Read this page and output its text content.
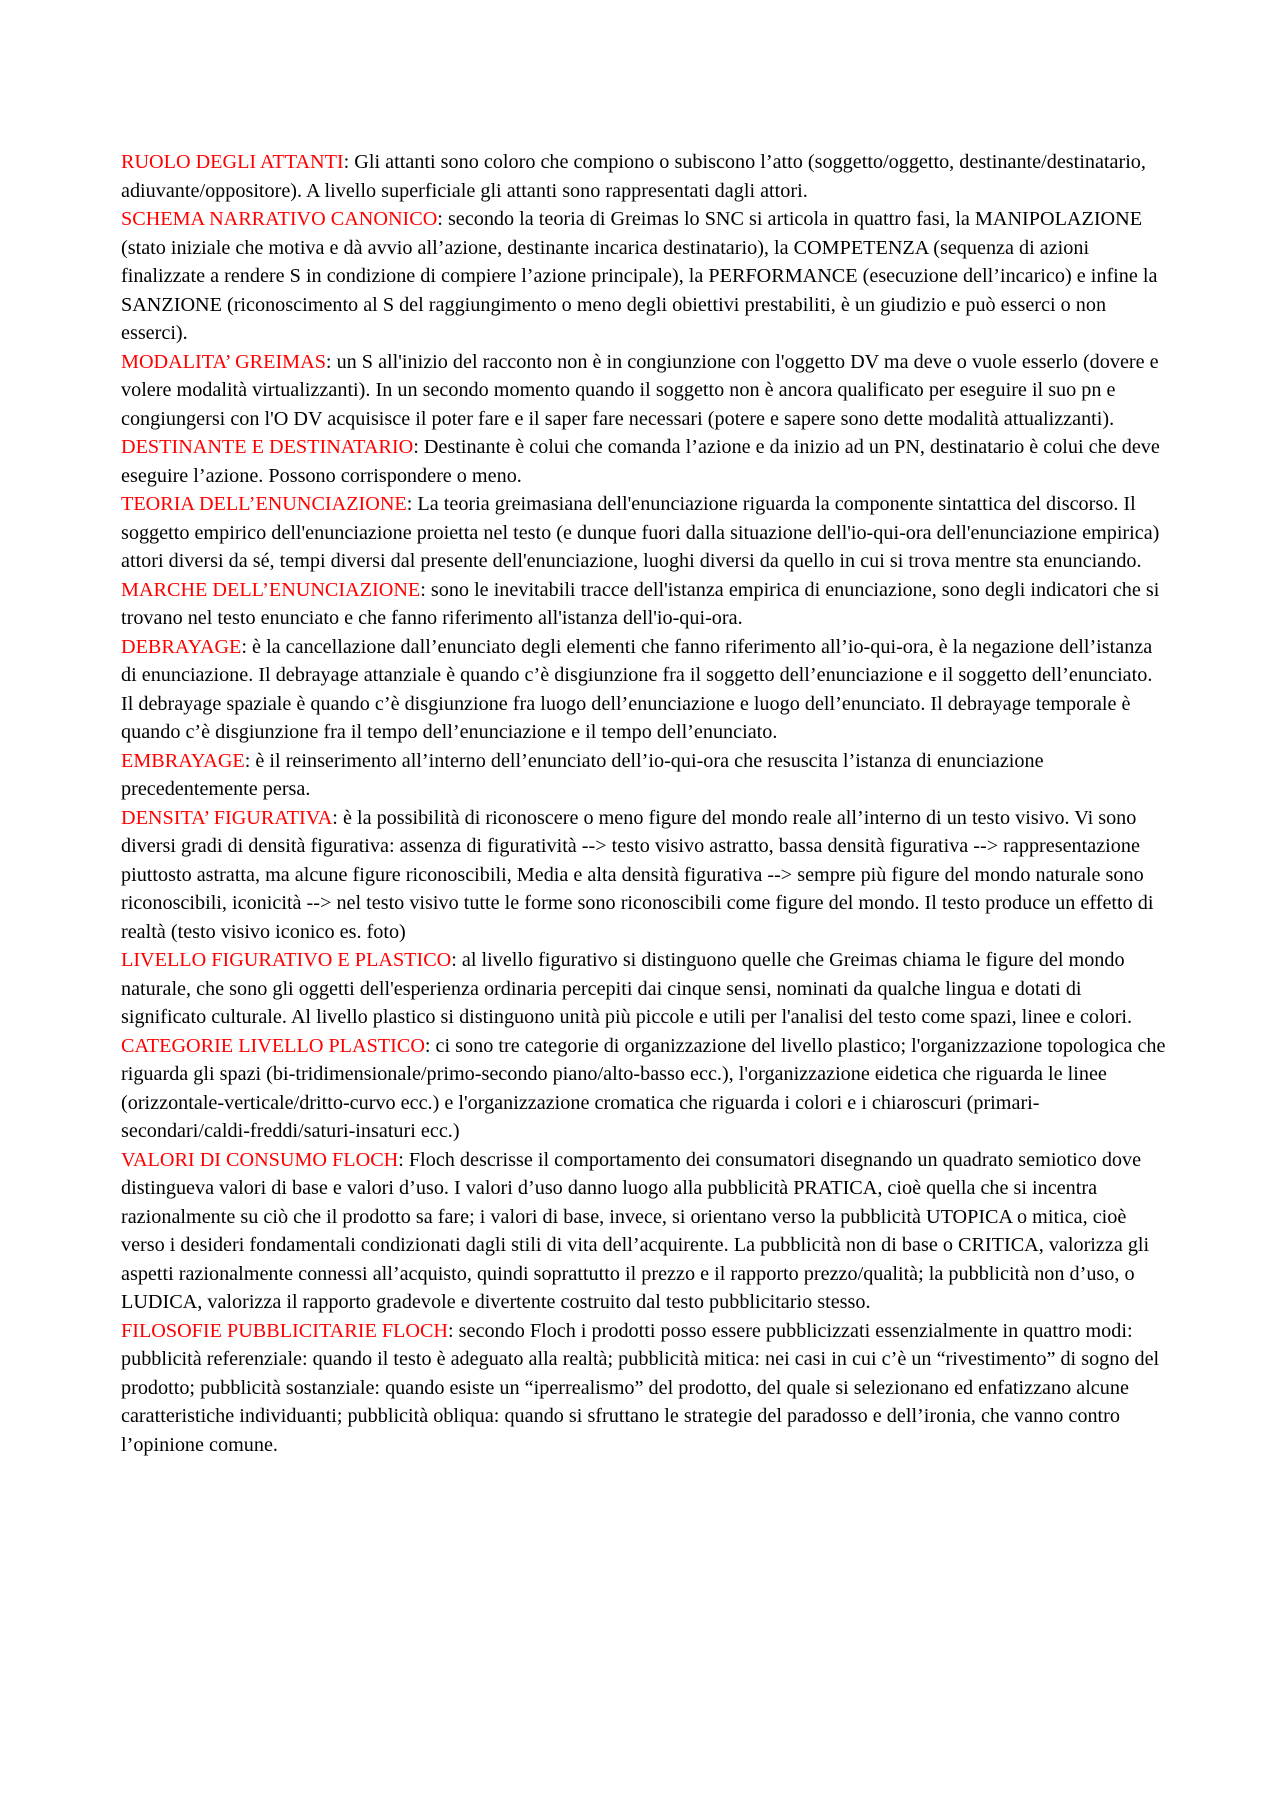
RUOLO DEGLI ATTANTI: Gli attanti sono coloro che compiono o subiscono l’atto (soggetto/oggetto, destinante/destinatario, adiuvante/oppositore). A livello superficiale gli attanti sono rappresentati dagli attori.

SCHEMA NARRATIVO CANONICO: secondo la teoria di Greimas lo SNC si articola in quattro fasi, la MANIPOLAZIONE (stato iniziale che motiva e dà avvio all’azione, destinante incarica destinatario), la COMPETENZA (sequenza di azioni finalizzate a rendere S in condizione di compiere l’azione principale), la PERFORMANCE (esecuzione dell’incarico) e infine la SANZIONE (riconoscimento al S del raggiungimento o meno degli obiettivi prestabiliti, è un giudizio e può esserci o non esserci).

MODALITA’ GREIMAS: un S all'inizio del racconto non è in congiunzione con l'oggetto DV ma deve o vuole esserlo (dovere e volere modalità virtualizzanti). In un secondo momento quando il soggetto non è ancora qualificato per eseguire il suo pn e congiungersi con l'O DV acquisisce il poter fare e il saper fare necessari (potere e sapere sono dette modalità attualizzanti).

DESTINANTE E DESTINATARIO: Destinante è colui che comanda l’azione e da inizio ad un PN, destinatario è colui che deve eseguire l’azione. Possono corrispondere o meno.

TEORIA DELL’ENUNCIAZIONE: La teoria greimasiana dell'enunciazione riguarda la componente sintattica del discorso. Il soggetto empirico dell'enunciazione proietta nel testo (e dunque fuori dalla situazione dell'io-qui-ora dell'enunciazione empirica) attori diversi da sé, tempi diversi dal presente dell'enunciazione, luoghi diversi da quello in cui si trova mentre sta enunciando.

MARCHE DELL’ENUNCIAZIONE: sono le inevitabili tracce dell'istanza empirica di enunciazione, sono degli indicatori che si trovano nel testo enunciato e che fanno riferimento all'istanza dell'io-qui-ora.

DEBRAYAGE: è la cancellazione dall’enunciato degli elementi che fanno riferimento all’io-qui-ora, è la negazione dell’istanza di enunciazione. Il debrayage attanziale è quando c’è disgiunzione fra il soggetto dell’enunciazione e il soggetto dell’enunciato. Il debrayage spaziale è quando c’è disgiunzione fra luogo dell’enunciazione e luogo dell’enunciato. Il debrayage temporale è quando c’è disgiunzione fra il tempo dell’enunciazione e il tempo dell’enunciato.

EMBRAYAGE: è il reinserimento all’interno dell’enunciato dell’io-qui-ora che resuscita l’istanza di enunciazione precedentemente persa.

DENSITA’ FIGURATIVA: è la possibilità di riconoscere o meno figure del mondo reale all’interno di un testo visivo. Vi sono diversi gradi di densità figurativa: assenza di figuratività --> testo visivo astratto, bassa densità figurativa --> rappresentazione piuttosto astratta, ma alcune figure riconoscibili, Media e alta densità figurativa --> sempre più figure del mondo naturale sono riconoscibili, iconicità --> nel testo visivo tutte le forme sono riconoscibili come figure del mondo. Il testo produce un effetto di realtà (testo visivo iconico es. foto)

LIVELLO FIGURATIVO E PLASTICO: al livello figurativo si distinguono quelle che Greimas chiama le figure del mondo naturale, che sono gli oggetti dell'esperienza ordinaria percepiti dai cinque sensi, nominati da qualche lingua e dotati di significato culturale. Al livello plastico si distinguono unità più piccole e utili per l'analisi del testo come spazi, linee e colori.

CATEGORIE LIVELLO PLASTICO: ci sono tre categorie di organizzazione del livello plastico; l'organizzazione topologica che riguarda gli spazi (bi-tridimensionale/primo-secondo piano/alto-basso ecc.), l'organizzazione eidetica che riguarda le linee (orizzontale-verticale/dritto-curvo ecc.) e l'organizzazione cromatica che riguarda i colori e i chiaroscuri (primari-secondari/caldi-freddi/saturi-insaturi ecc.)

VALORI DI CONSUMO FLOCH: Floch descrisse il comportamento dei consumatori disegnando un quadrato semiotico dove distingueva valori di base e valori d’uso. I valori d’uso danno luogo alla pubblicità PRATICA, cioè quella che si incentra razionalmente su ciò che il prodotto sa fare; i valori di base, invece, si orientano verso la pubblicità UTOPICA o mitica, cioè verso i desideri fondamentali condizionati dagli stili di vita dell’acquirente. La pubblicità non di base o CRITICA, valorizza gli aspetti razionalmente connessi all’acquisto, quindi soprattutto il prezzo e il rapporto prezzo/qualità; la pubblicità non d’uso, o LUDICA, valorizza il rapporto gradevole e divertente costruito dal testo pubblicitario stesso.

FILOSOFIE PUBBLICITARIE FLOCH: secondo Floch i prodotti posso essere pubblicizzati essenzialmente in quattro modi: pubblicità referenziale: quando il testo è adeguato alla realtà; pubblicità mitica: nei casi in cui c’è un “rivestimento” di sogno del prodotto; pubblicità sostanziale: quando esiste un “iperrealismo” del prodotto, del quale si selezionano ed enfatizzano alcune caratteristiche individuanti; pubblicità obliqua: quando si sfruttano le strategie del paradosso e dell’ironia, che vanno contro l’opinione comune.
